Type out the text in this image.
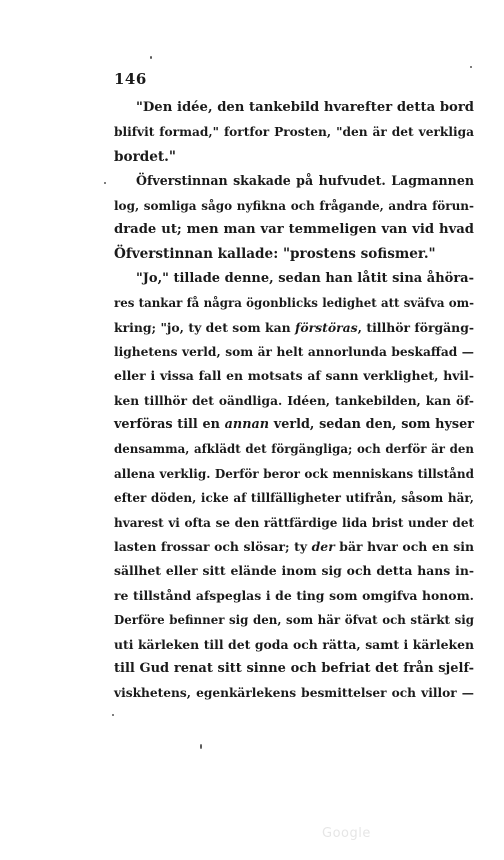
146
"Den idée, den tankebild hvarefter detta bord
blifvit formad," fortfor Prosten, "den är det verkliga
bordet."
Öfverstinnan skakade på hufvudet. Lagmannen
log, somliga sågo nyfikna och frågande, andra förun-
drade ut; men man var temmeligen van vid hvad
Öfverstinnan kallade: "prostens sofismer."
"Jo," tillade denne, sedan han låtit sina åhöra-
res tankar få några ögonblicks ledighet att sväfva om-
kring; "jo, ty det som kan förstöras, tillhör förgäng-
lighetens verld, som är helt annorlunda beskaffad —
eller i vissa fall en motsats af sann verklighet, hvil-
ken tillhör det oändliga. Idéen, tankebilden, kan öf-
verföras till en annan verld, sedan den, som hyser
densamma, afklädt det förgängliga; och derför är den
allena verklig. Derför beror ock menniskans tillstånd
efter döden, icke af tillfälligheter utifrån, såsom här,
hvarest vi ofta se den rättfärdige lida brist under det
lasten frossar och slösar; ty der bär hvar och en sin
sällhet eller sitt elände inom sig och detta hans in-
re tillstånd afspeglas i de ting som omgifva honom.
Derföre befinner sig den, som här öfvat och stärkt sig
uti kärleken till det goda och rätta, samt i kärleken
till Gud renat sitt sinne och befriat det från sjelf-
viskhetens, egenkärlekens besmittelser och villor —
Google
